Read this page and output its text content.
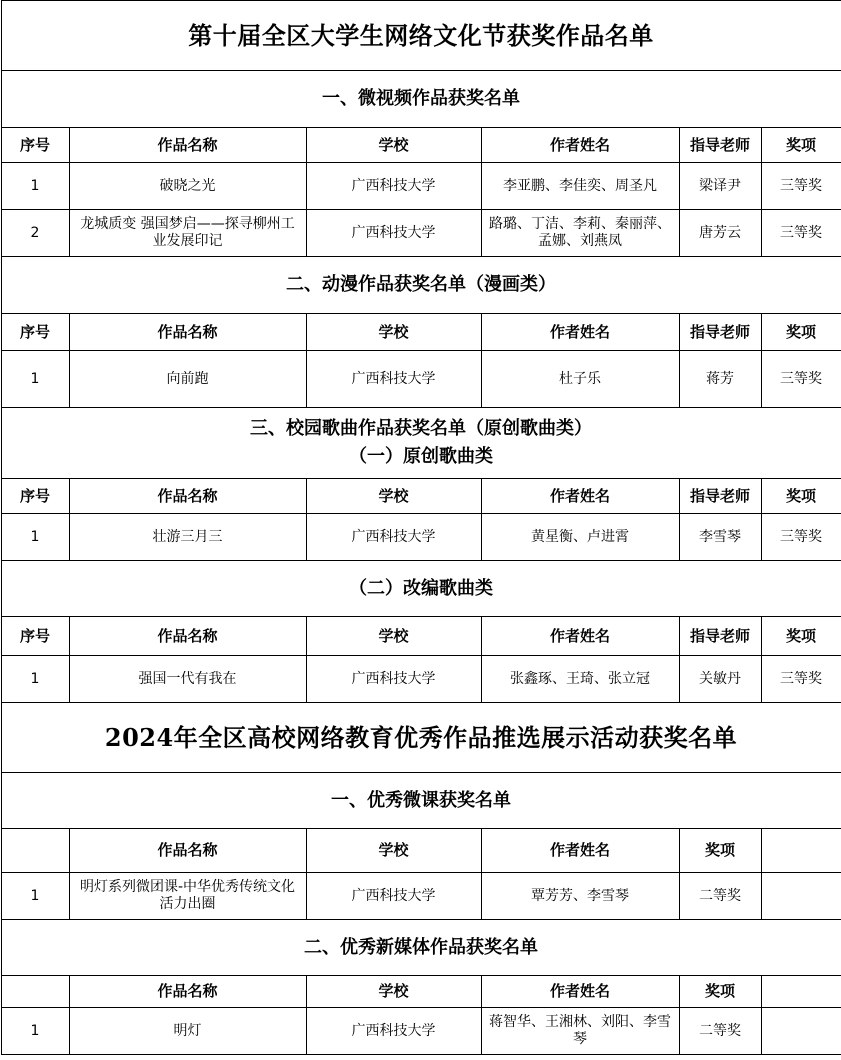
第十届全区大学生网络文化节获奖作品名单					
一、微视频作品获奖名单					
序号	作品名称	学校	作者姓名	指导老师	奖项
1	破晓之光	广西科技大学	李亚鹏、李佳奕、周圣凡	梁译尹	三等奖
2	龙城质变 强国梦启——探寻柳州工业发展印记	广西科技大学	路璐、丁洁、李莉、秦丽萍、孟娜、刘燕凤	唐芳云	三等奖
二、动漫作品获奖名单（漫画类）					
序号	作品名称	学校	作者姓名	指导老师	奖项
1	向前跑	广西科技大学	杜子乐	蒋芳	三等奖

三、校园歌曲作品获奖名单（原创歌曲类）
（一）原创歌曲类					

序号	作品名称	学校	作者姓名	指导老师	奖项
1	壮游三月三	广西科技大学	黄星衡、卢进霄	李雪琴	三等奖
（二）改编歌曲类					
序号	作品名称	学校	作者姓名	指导老师	奖项
1	强国一代有我在	广西科技大学	张鑫琢、王琦、张立冠	关敏丹	三等奖
2024年全区高校网络教育优秀作品推选展示活动获奖名单					
一、优秀微课获奖名单					
	作品名称	学校	作者姓名	奖项	
1	明灯系列微团课-中华优秀传统文化活力出圈	广西科技大学	覃芳芳、李雪琴	二等奖	
二、优秀新媒体作品获奖名单					
	作品名称	学校	作者姓名	奖项	
1	明灯	广西科技大学	蒋智华、王湘林、刘阳、李雪琴	二等奖	
